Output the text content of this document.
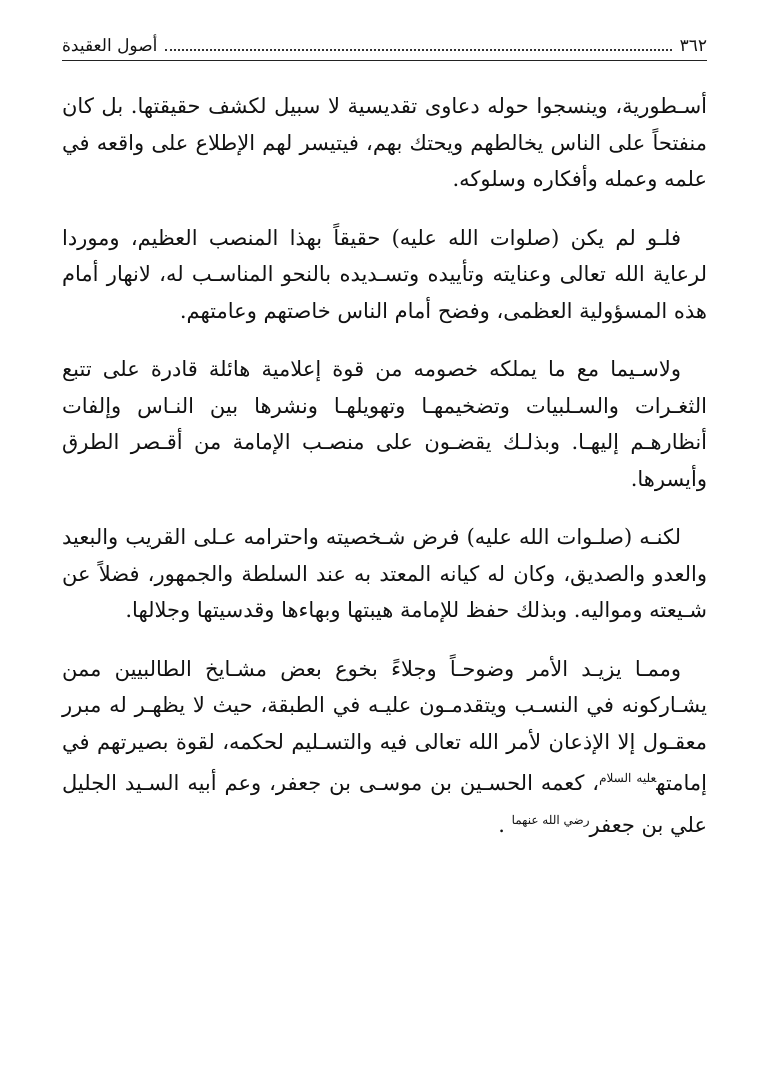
٣٦٢
أصول العقيدة

أسـطورية، وينسجوا حوله دعاوى تقديسية لا سبيل لكشف حقيقتها. بل كان منفتحاً على الناس يخالطهم ويحتك بهم، فيتيسر لهم الإطلاع على واقعه في علمه وعمله وأفكاره وسلوكه.

فلـو لم يكن (صلوات الله عليه) حقيقاً بهذا المنصب العظيم، وموردا لرعاية الله تعالى وعنايته وتأييده وتسـديده بالنحو المناسـب له، لانهار أمام هذه المسؤولية العظمى، وفضح أمام الناس خاصتهم وعامتهم.

ولاسـيما مع ما يملكه خصومه من قوة إعلامية هائلة قادرة على تتبع الثغـرات والسـلبيات وتضخيمهـا وتهويلهـا ونشرها بين النـاس وإلفات أنظارهـم إليهـا. وبذلـك يقضـون على منصـب الإمامة من أقـصر الطرق وأيسرها.

لكنـه (صلـوات الله عليه) فرض شـخصيته واحترامه عـلى القريب والبعيد والعدو والصديق، وكان له كيانه المعتد به عند السلطة والجمهور، فضلاً عن شـيعته ومواليه. وبذلك حفظ للإمامة هيبتها وبهاءها وقدسيتها وجلالها.

وممـا يزيـد الأمر وضوحـاً وجلاءً بخوع بعض مشـايخ الطالبيين ممن يشـاركونه في النسـب ويتقدمـون عليـه في الطبقة، حيث لا يظهـر له مبرر معقـول إلا الإذعان لأمر الله تعالى فيه والتسـليم لحكمه، لقوة بصيرتهم في إمامته$^{عليه السلام}$، كعمه الحسـين بن موسـى بن جعفر، وعم أبيه السـيد الجليل علي بن جعفر$^{رضي الله عنهما}$ .
